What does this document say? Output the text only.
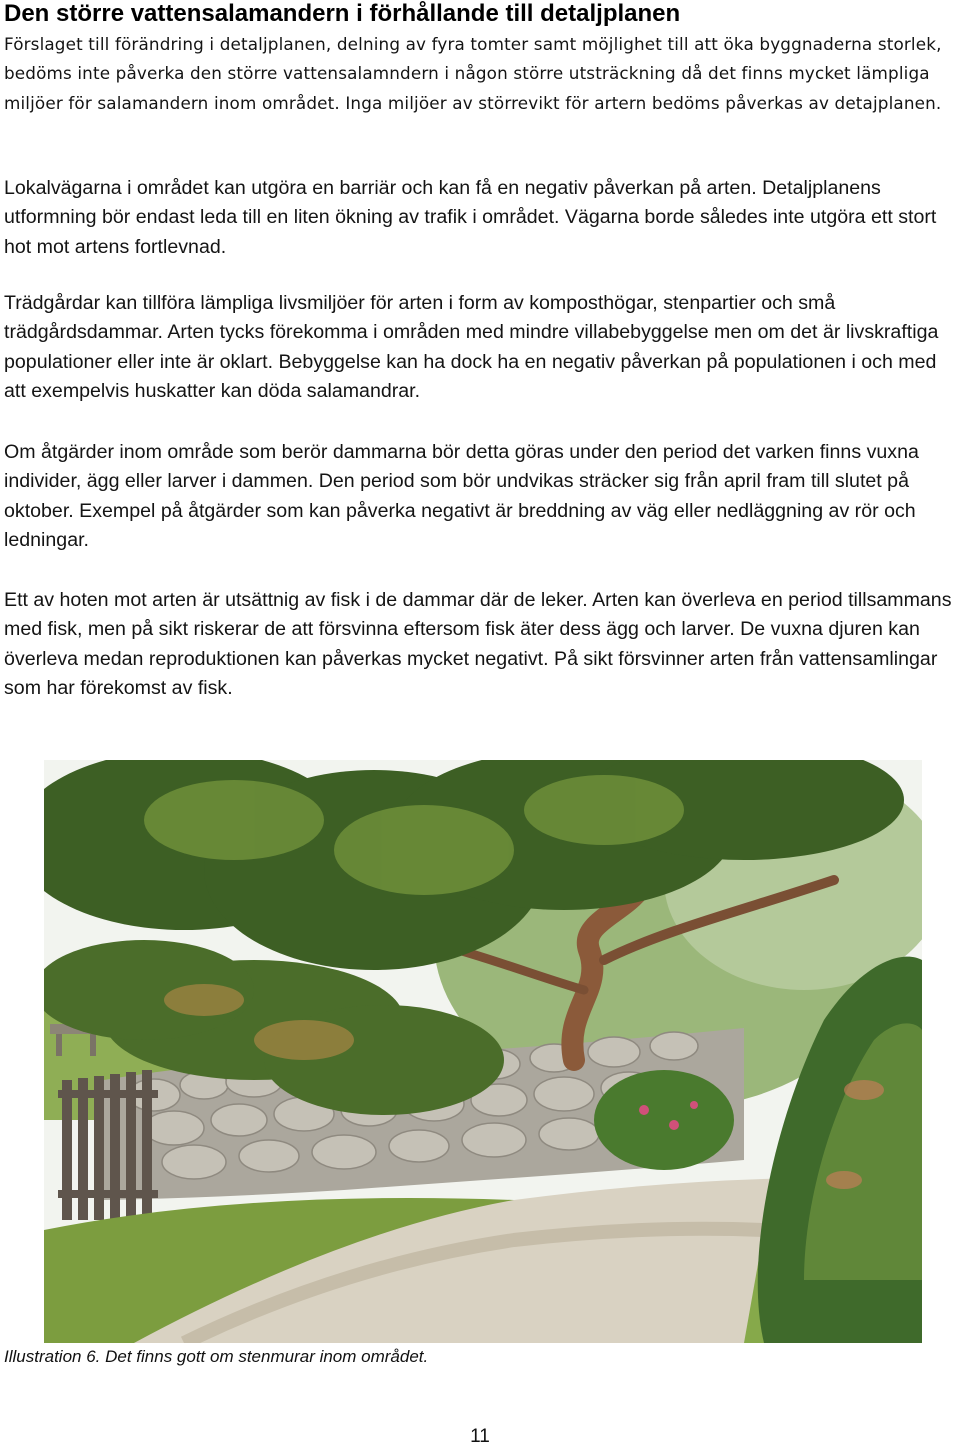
Den större vattensalamandern i förhållande till detaljplanen

Förslaget till förändring i detaljplanen, delning av fyra tomter samt möjlighet till att öka byggnaderna storlek, bedöms inte påverka den större vattensalamndern i någon större utsträckning då det finns mycket lämpliga miljöer för salamandern inom området. Inga miljöer av störrevikt för artern bedöms påverkas av detajplanen.

Lokalvägarna i området kan utgöra en barriär och kan få en negativ påverkan på arten. Detaljplanens utformning bör endast leda till en liten ökning av trafik i området. Vägarna borde således inte utgöra ett stort hot mot artens fortlevnad.

Trädgårdar kan tillföra lämpliga livsmiljöer för arten i form av komposthögar, stenpartier och små trädgårdsdammar. Arten tycks förekomma i områden med mindre villabebyggelse men om det är livskraftiga populationer eller inte är oklart. Bebyggelse kan ha dock ha en negativ påverkan på populationen i och med att exempelvis huskatter kan döda salamandrar.

Om åtgärder inom område som berör dammarna bör detta göras under den period det varken finns vuxna individer, ägg eller larver i dammen. Den period som bör undvikas sträcker sig från april fram till slutet på oktober. Exempel på åtgärder som kan påverka negativt är breddning av väg eller nedläggning av rör och ledningar.

Ett av hoten mot arten är utsättnig av fisk i de dammar där de leker. Arten kan överleva en period tillsammans med fisk, men på sikt riskerar de att försvinna eftersom fisk äter dess ägg och larver. De vuxna djuren kan överleva medan reproduktionen kan påverkas mycket negativt. På sikt försvinner arten från vattensamlingar som har förekomst av fisk.

Illustration 6. Det finns gott om stenmurar inom området.

11
